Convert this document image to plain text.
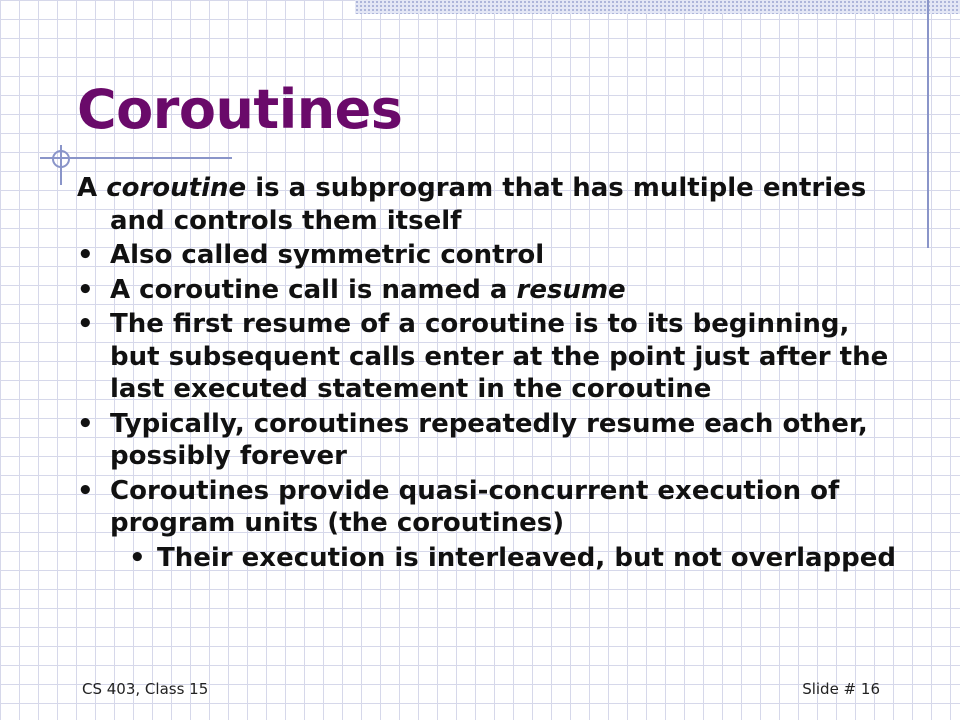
Coroutines

A coroutine is a subprogram that has multiple entries and controls them itself

• Also called symmetric control
• A coroutine call is named a resume
• The first resume of a coroutine is to its beginning, but subsequent calls enter at the point just after the last executed statement in the coroutine
• Typically, coroutines repeatedly resume each other, possibly forever
• Coroutines provide quasi-concurrent execution of program units (the coroutines)
• Their execution is interleaved, but not overlapped
CS 403, Class 15	Slide # 16
